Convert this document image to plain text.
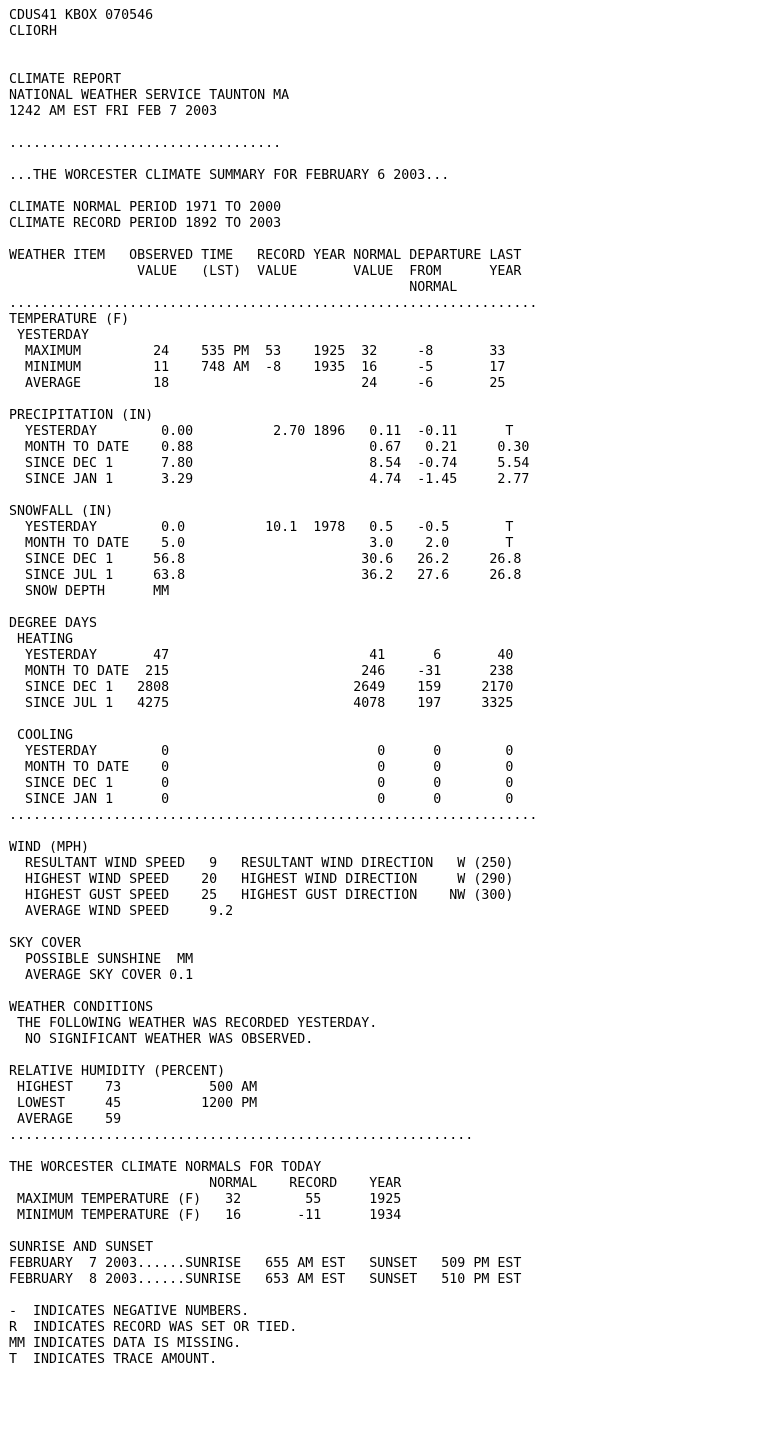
CDUS41 KBOX 070546
CLIORH
CLIMATE REPORT
NATIONAL WEATHER SERVICE TAUNTON MA
1242 AM EST FRI FEB 7 2003
..................................
...THE WORCESTER CLIMATE SUMMARY FOR FEBRUARY 6 2003...
CLIMATE NORMAL PERIOD 1971 TO 2000
CLIMATE RECORD PERIOD 1892 TO 2003
WEATHER ITEM   OBSERVED TIME   RECORD YEAR NORMAL DEPARTURE LAST
VALUE   (LST)  VALUE       VALUE  FROM      YEAR
NORMAL
..................................................................
TEMPERATURE (F)
YESTERDAY
MAXIMUM         24    535 PM  53    1925  32     -8       33
MINIMUM         11    748 AM  -8    1935  16     -5       17
AVERAGE         18                        24     -6       25
PRECIPITATION (IN)
YESTERDAY        0.00          2.70 1896   0.11  -0.11      T
MONTH TO DATE    0.88                      0.67   0.21     0.30
SINCE DEC 1      7.80                      8.54  -0.74     5.54
SINCE JAN 1      3.29                      4.74  -1.45     2.77
SNOWFALL (IN)
YESTERDAY        0.0          10.1  1978   0.5   -0.5       T
MONTH TO DATE    5.0                       3.0    2.0       T
SINCE DEC 1     56.8                      30.6   26.2     26.8
SINCE JUL 1     63.8                      36.2   27.6     26.8
SNOW DEPTH      MM
DEGREE DAYS
HEATING
YESTERDAY       47                         41      6       40
MONTH TO DATE  215                        246    -31      238
SINCE DEC 1   2808                       2649    159     2170
SINCE JUL 1   4275                       4078    197     3325
COOLING
YESTERDAY        0                          0      0        0
MONTH TO DATE    0                          0      0        0
SINCE DEC 1      0                          0      0        0
SINCE JAN 1      0                          0      0        0
..................................................................
WIND (MPH)
RESULTANT WIND SPEED   9   RESULTANT WIND DIRECTION   W (250)
HIGHEST WIND SPEED    20   HIGHEST WIND DIRECTION     W (290)
HIGHEST GUST SPEED    25   HIGHEST GUST DIRECTION    NW (300)
AVERAGE WIND SPEED     9.2
SKY COVER
POSSIBLE SUNSHINE  MM
AVERAGE SKY COVER 0.1
WEATHER CONDITIONS
THE FOLLOWING WEATHER WAS RECORDED YESTERDAY.
NO SIGNIFICANT WEATHER WAS OBSERVED.
RELATIVE HUMIDITY (PERCENT)
HIGHEST    73           500 AM
LOWEST     45          1200 PM
AVERAGE    59
..........................................................
THE WORCESTER CLIMATE NORMALS FOR TODAY
NORMAL    RECORD    YEAR
MAXIMUM TEMPERATURE (F)   32        55      1925
MINIMUM TEMPERATURE (F)   16       -11      1934
SUNRISE AND SUNSET
FEBRUARY  7 2003......SUNRISE   655 AM EST   SUNSET   509 PM EST
FEBRUARY  8 2003......SUNRISE   653 AM EST   SUNSET   510 PM EST
-  INDICATES NEGATIVE NUMBERS.
R  INDICATES RECORD WAS SET OR TIED.
MM INDICATES DATA IS MISSING.
T  INDICATES TRACE AMOUNT.
